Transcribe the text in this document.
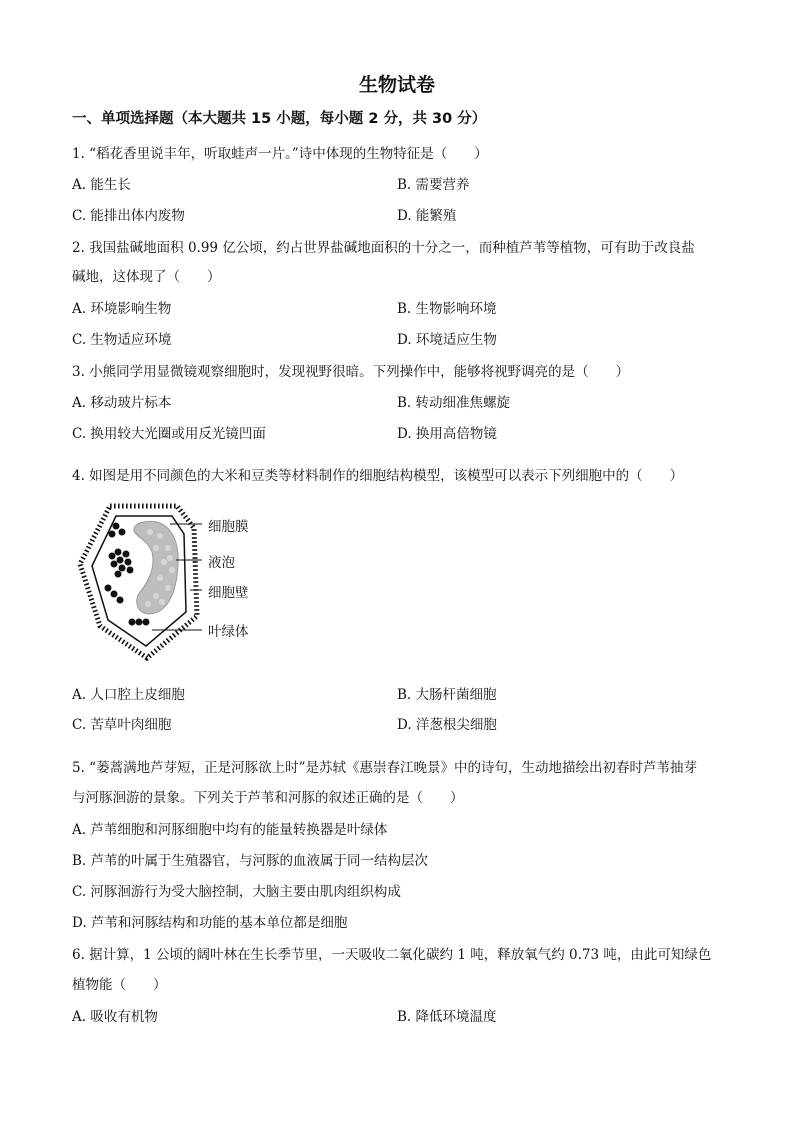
生物试卷
一、单项选择题（本大题共 15 小题，每小题 2 分，共 30 分）
1. “稻花香里说丰年，听取蛙声一片。”诗中体现的生物特征是（　　）
A. 能生长	B. 需要营养
C. 能排出体内废物	D. 能繁殖
2. 我国盐碱地面积 0.99 亿公顷，约占世界盐碱地面积的十分之一，而种植芦苇等植物，可有助于改良盐
碱地，这体现了（　　）
A. 环境影响生物	B. 生物影响环境
C. 生物适应环境	D. 环境适应生物
3. 小熊同学用显微镜观察细胞时，发现视野很暗。下列操作中，能够将视野调亮的是（　　）
A. 移动玻片标本	B. 转动细准焦螺旋
C. 换用较大光圈或用反光镜凹面	D. 换用高倍物镜
4. 如图是用不同颜色的大米和豆类等材料制作的细胞结构模型，该模型可以表示下列细胞中的（　　）
细胞膜
液泡
细胞壁
叶绿体
A. 人口腔上皮细胞	B. 大肠杆菌细胞
C. 苦草叶肉细胞	D. 洋葱根尖细胞
5. “蒌蒿满地芦芽短，正是河豚欲上时”是苏轼《惠崇春江晚景》中的诗句，生动地描绘出初春时芦苇抽芽
与河豚洄游的景象。下列关于芦苇和河豚的叙述正确的是（　　）
A. 芦苇细胞和河豚细胞中均有的能量转换器是叶绿体
B. 芦苇的叶属于生殖器官，与河豚的血液属于同一结构层次
C. 河豚洄游行为受大脑控制，大脑主要由肌肉组织构成
D. 芦苇和河豚结构和功能的基本单位都是细胞
6. 据计算，1 公顷的阔叶林在生长季节里，一天吸收二氧化碳约 1 吨，释放氧气约 0.73 吨，由此可知绿色
植物能（　　）
A. 吸收有机物	B. 降低环境温度
